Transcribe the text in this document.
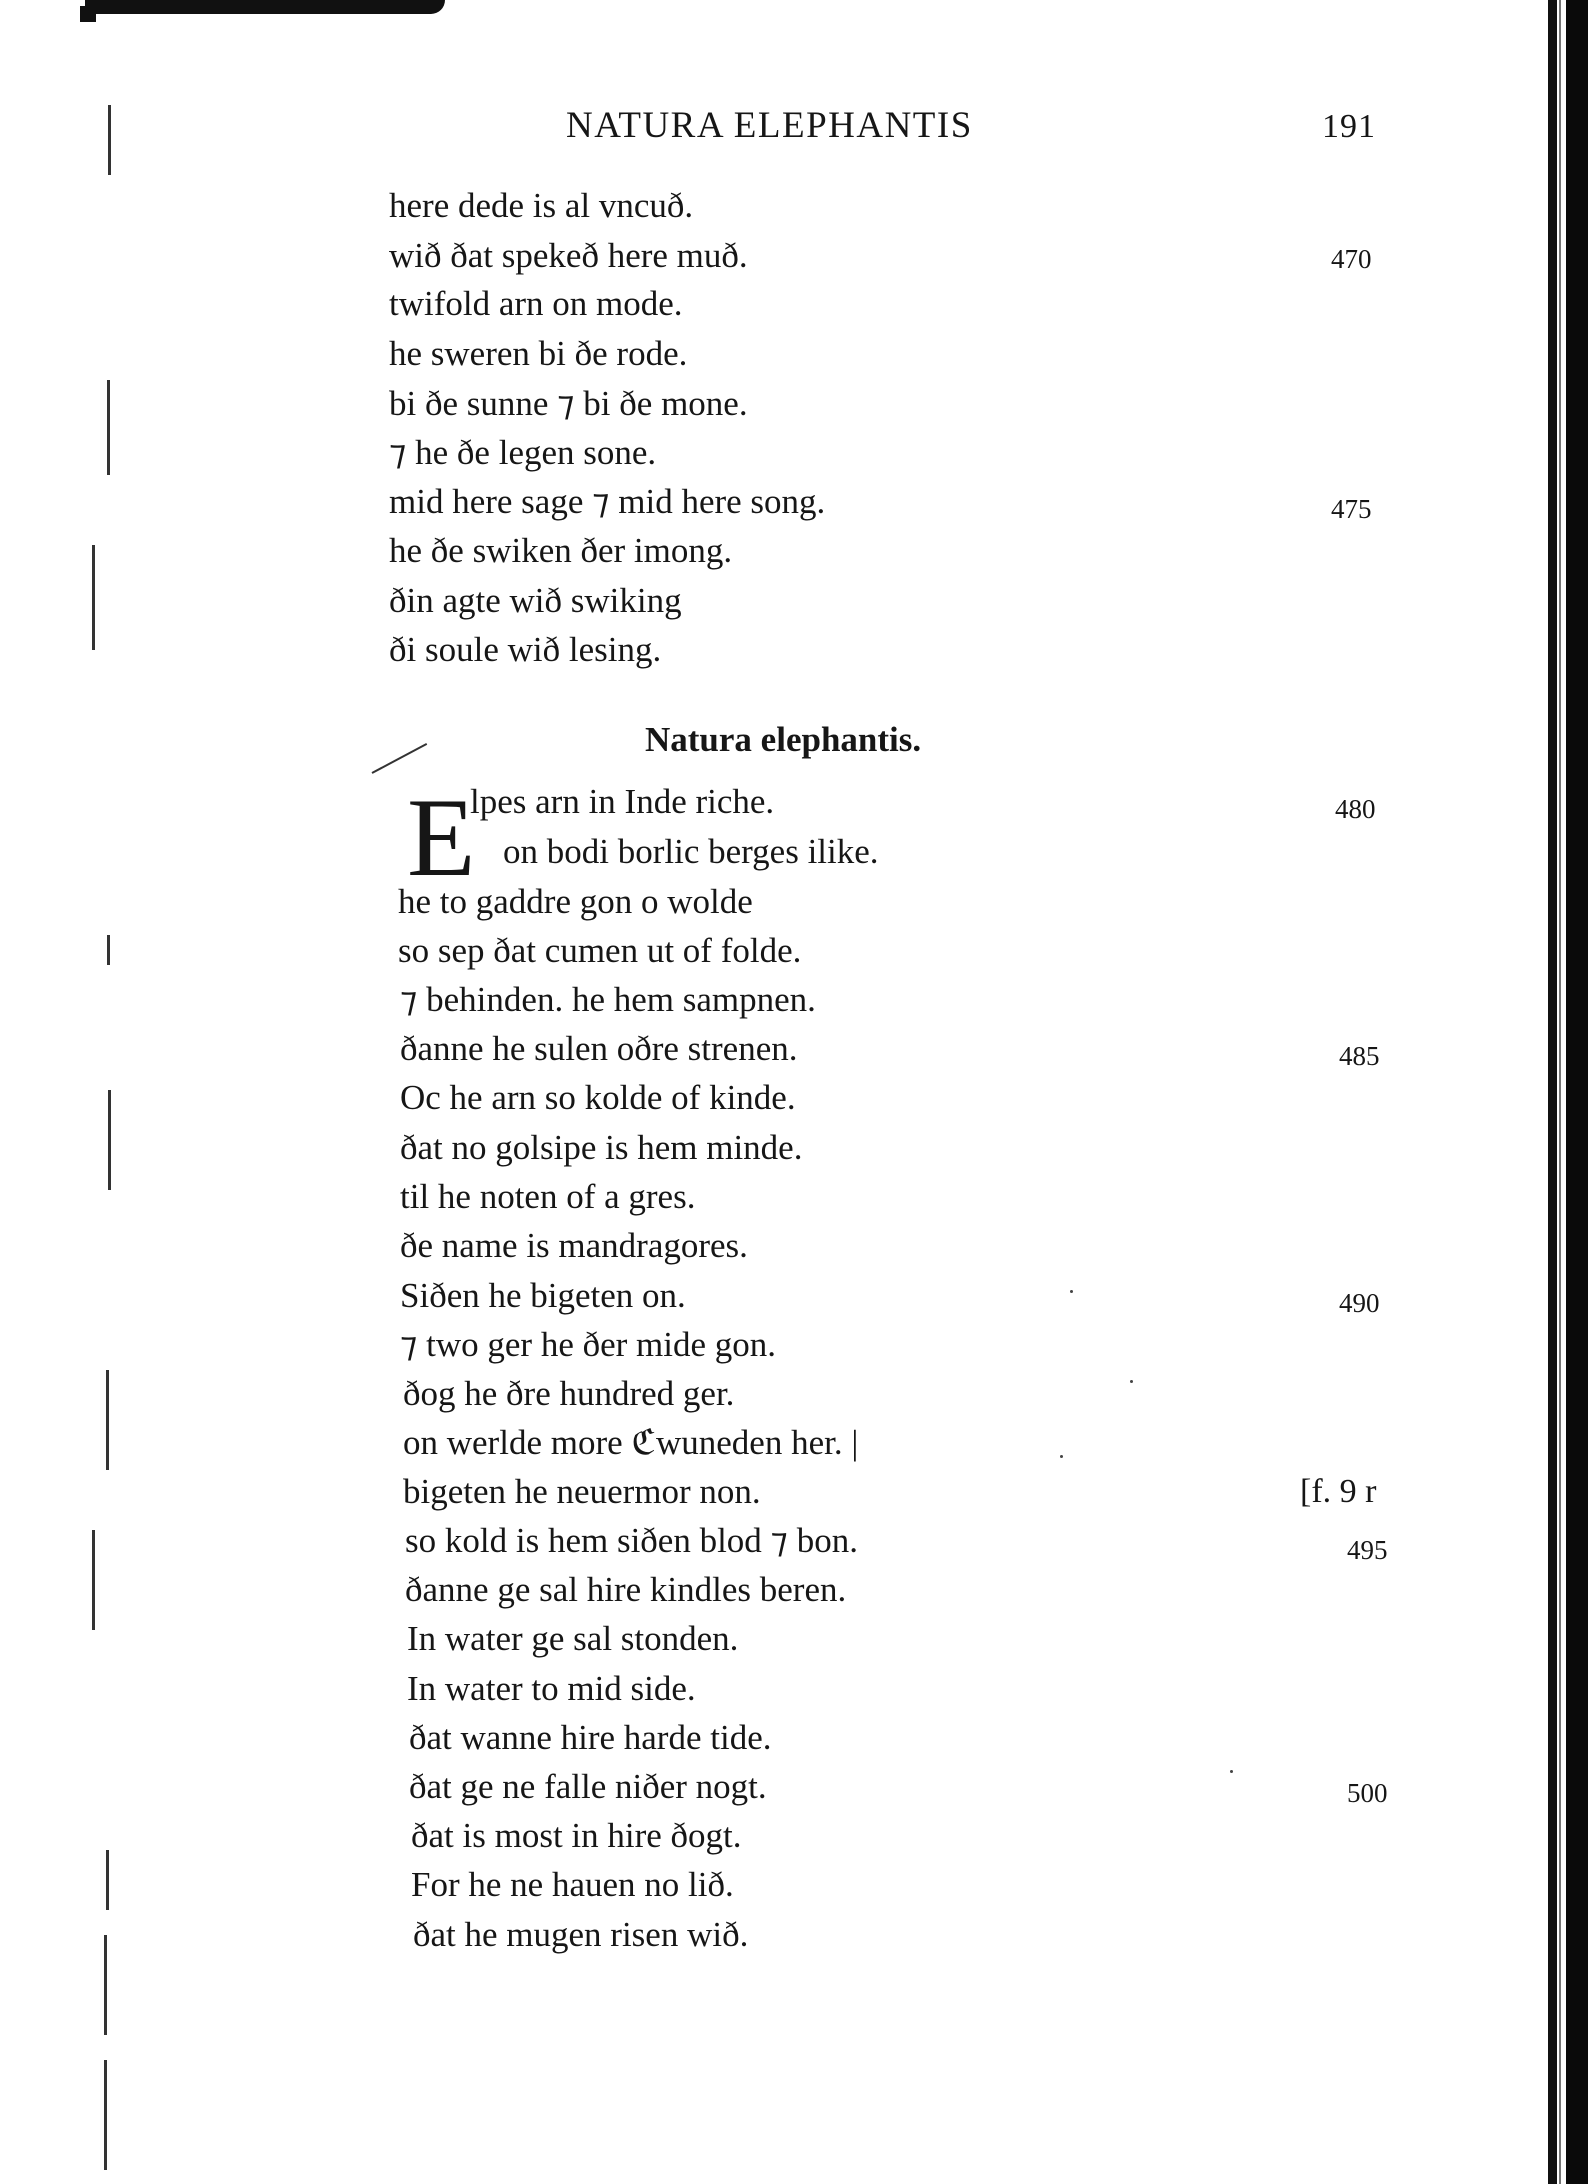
NATURA ELEPHANTIS	191
here dede is al vncuð.
wið ðat spekeð here muð.
twifold arn on mode.
he sweren bi ðe rode.
bi ðe sunne ⁊ bi ðe mone.
⁊ he ðe legen sone.
mid here sage ⁊ mid here song.
he ðe swiken ðer imong.
ðin agte wið swiking
ði soule wið lesing.
Natura elephantis.
E
lpes arn in Inde riche.
on bodi borlic berges ilike.
he to gaddre gon o wolde
so sep ðat cumen ut of folde.
⁊ behinden. he hem sampnen.
ðanne he sulen oðre strenen.
Oc he arn so kolde of kinde.
ðat no golsipe is hem minde.
til he noten of a gres.
ðe name is mandragores.
Siðen he bigeten on.
⁊ two ger he ðer mide gon.
ðog he ðre hundred ger.
on werlde more ℭwuneden her. |
bigeten he neuermor non.
so kold is hem siðen blod ⁊ bon.
ðanne ge sal hire kindles beren.
In water ge sal stonden.
In water to mid side.
ðat wanne hire harde tide.
ðat ge ne falle niðer nogt.
ðat is most in hire ðogt.
For he ne hauen no lið.
ðat he mugen risen wið.
470
475
480
485
490
495
500
[f. 9 r
